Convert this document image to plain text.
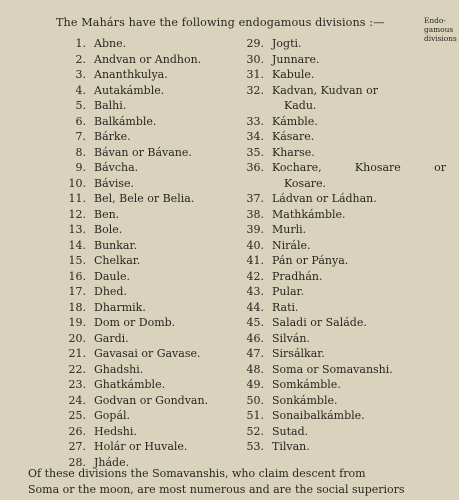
The Mahárs have the following endogamous divisions :—	Endo-
gamous
divisions
1. Abne.
2. Andvan or Andhon.
3. Ananthkulya.
4. Autakámble.
5. Balhi.
6. Balkámble.
7. Bárke.
8. Bávan or Bávane.
9. Bávcha.
10. Bávise.
11. Bel, Bele or Belia.
12. Ben.
13. Bole.
14. Bunkar.
15. Chelkar.
16. Daule.
17. Dhed.
18. Dharmik.
19. Dom or Domb.
20. Gardi.
21. Gavasai or Gavase.
22. Ghadshi.
23. Ghatkámble.
24. Godvan or Gondvan.
25. Gopál.
26. Hedshi.
27. Holár or Huvale.
28. Jháde.
29. Jogti.
30. Junnare.
31. Kabule.
32. Kadvan, Kudvan or
Kadu.
33. Kámble.
34. Kásare.
35. Kharse.
36. Kochare,	Khosare	or
Kosare.
37. Ládvan or Ládhan.
38. Mathkámble.
39. Murli.
40. Nirále.
41. Pán or Pánya.
42. Pradhán.
43. Pular.
44. Rati.
45. Saladi or Saláde.
46. Silván.
47. Sirsálkar.
48. Soma or Somavanshi.
49. Somkámble.
50. Sonkámble.
51. Sonaibalkámble.
52. Sutad.
53. Tilvan.

Of these divisions the Somavanshis, who claim descent from

Soma or the moon, are most numerous and are the social superiors
